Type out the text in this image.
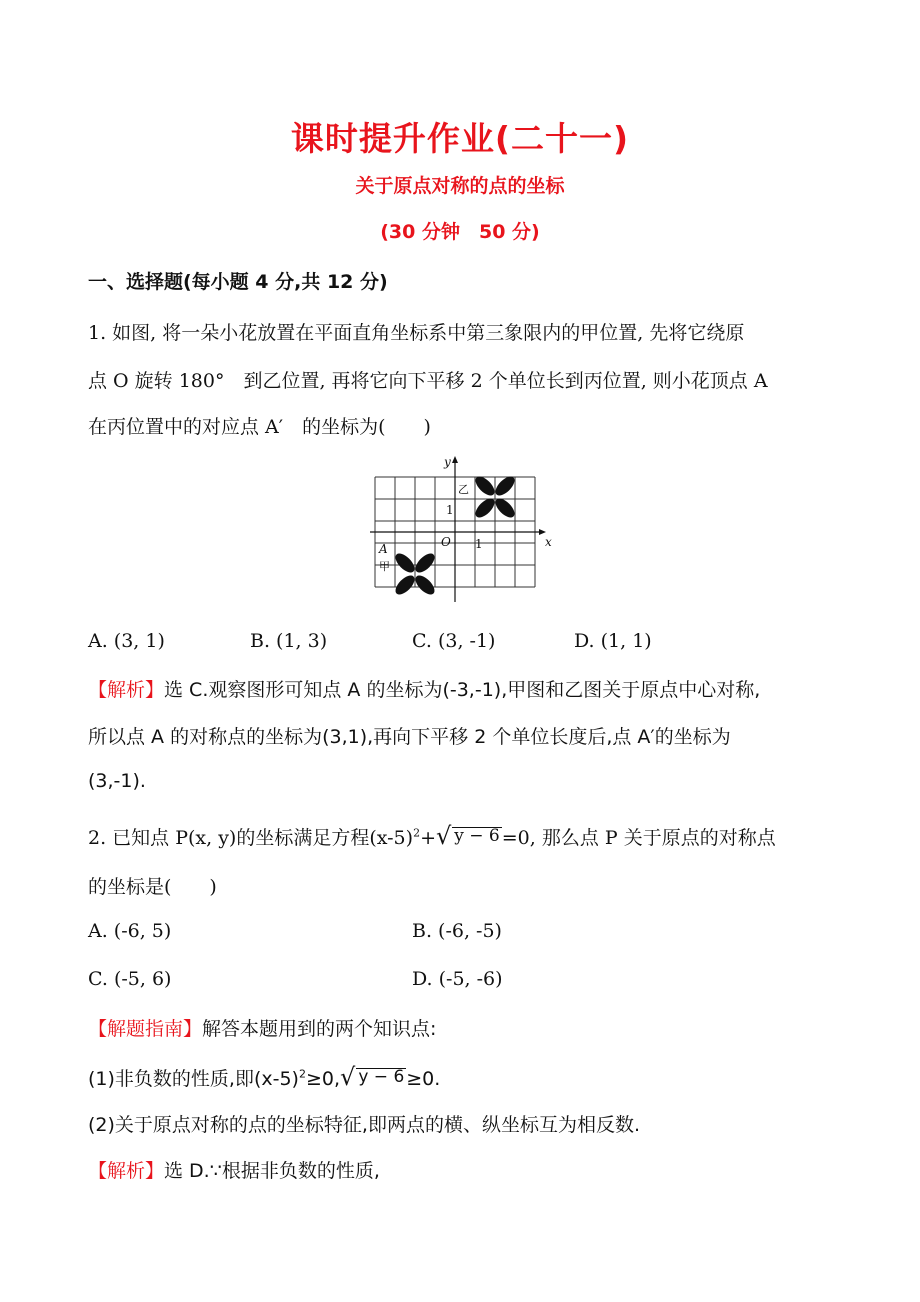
课时提升作业(二十一)
关于原点对称的点的坐标
(30 分钟　50 分)
一、选择题(每小题 4 分,共 12 分)
1. 如图, 将一朵小花放置在平面直角坐标系中第三象限内的甲位置, 先将它绕原
点 O 旋转 180°　到乙位置, 再将它向下平移 2 个单位长到丙位置, 则小花顶点 A
在丙位置中的对应点 A′　的坐标为(　　)
y
x
O 1
1
乙
甲
A
A. (3, 1)	B. (1, 3)	C. (3, -1)	D. (1, 1)
【解析】选 C.观察图形可知点 A 的坐标为(-3,-1),甲图和乙图关于原点中心对称,
所以点 A 的对称点的坐标为(3,1),再向下平移 2 个单位长度后,点 A′的坐标为
(3,-1).
2. 已知点 P(x, y)的坐标满足方程$(x-5)^2+√$ y − 6 =0, 那么点 P 关于原点的对称点
的坐标是(　　)
A. (-6, 5)	B. (-6, -5)
C. (-5, 6)	D. (-5, -6)
【解题指南】解答本题用到的两个知识点:
(1)非负数的性质,即$(x-5)^2\ge 0,√$ y − 6 ≥0.
(2)关于原点对称的点的坐标特征,即两点的横、纵坐标互为相反数.
【解析】选 D.∵根据非负数的性质,
